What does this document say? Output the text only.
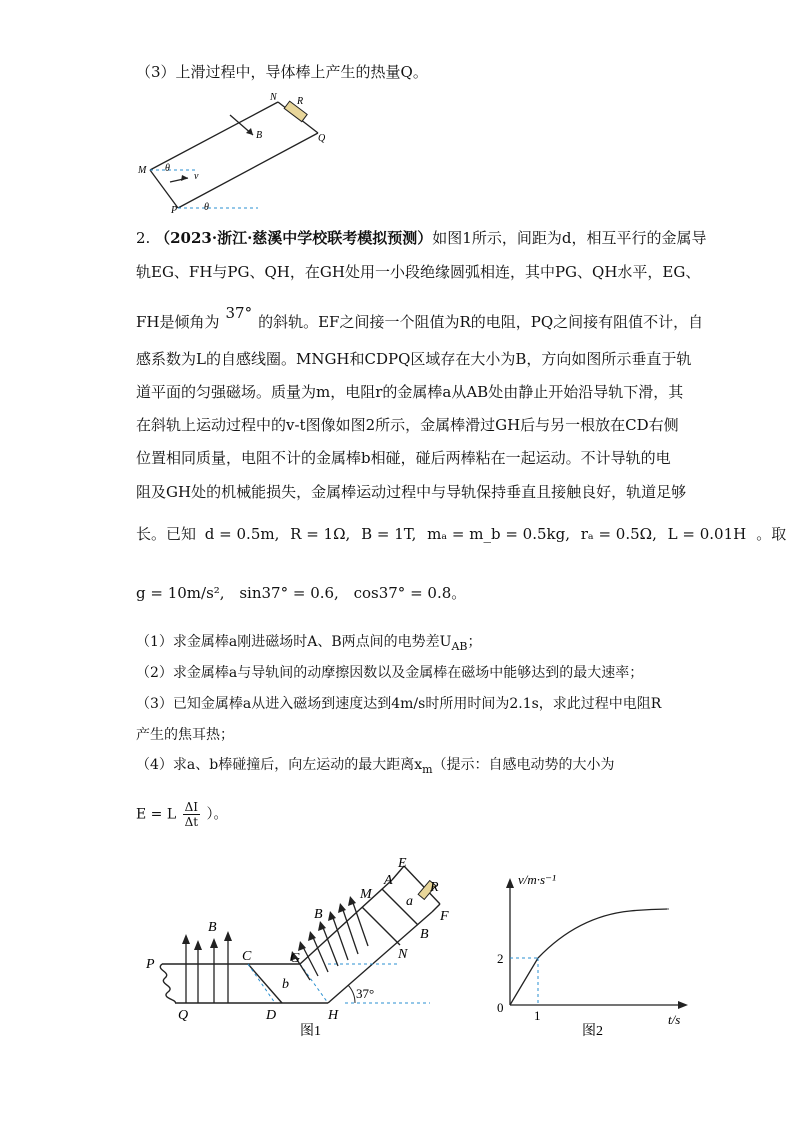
（3）上滑过程中，导体棒上产生的热量Q。
N R
B	Q
M θ
v
P	θ
2. （2023·浙江·慈溪中学校联考模拟预测）如图1所示，间距为d，相互平行的金属导
轨EG、FH与PG、QH，在GH处用一小段绝缘圆弧相连，其中PG、QH水平，EG、
FH是倾角为 37° 的斜轨。EF之间接一个阻值为R的电阻，PQ之间接有阻值不计，自
感系数为L的自感线圈。MNGH和CDPQ区域存在大小为B，方向如图所示垂直于轨
道平面的匀强磁场。质量为m，电阻r的金属棒a从AB处由静止开始沿导轨下滑，其
在斜轨上运动过程中的v-t图像如图2所示，金属棒滑过GH后与另一根放在CD右侧
位置相同质量，电阻不计的金属棒b相碰，碰后两棒粘在一起运动。不计导轨的电
阻及GH处的机械能损失，金属棒运动过程中与导轨保持垂直且接触良好，轨道足够
长。已知 d = 0.5m, R = 1Ω, B = 1T, mₐ = m_b = 0.5kg, rₐ = 0.5Ω, L = 0.01H 。取
g = 10m/s², sin37° = 0.6, cos37° = 0.8。
（1）求金属棒a刚进磁场时A、B两点间的电势差$U_{AB}$；
（2）求金属棒a与导轨间的动摩擦因数以及金属棒在磁场中能够达到的最大速率；
（3）已知金属棒a从进入磁场到速度达到4m/s时所用时间为2.1s，求此过程中电阻R
产生的焦耳热；
（4）求a、b棒碰撞后，向左运动的最大距离$x_m$（提示：自感电动势的大小为
E = L $\frac{\Delta I}{\Delta t}$ ）。
P
Q
B
C
D
b
G
H
37°
E
A
M	R
a
F
B
B
N
图1
v/m·s⁻¹
2
0
1	t/s
图2
